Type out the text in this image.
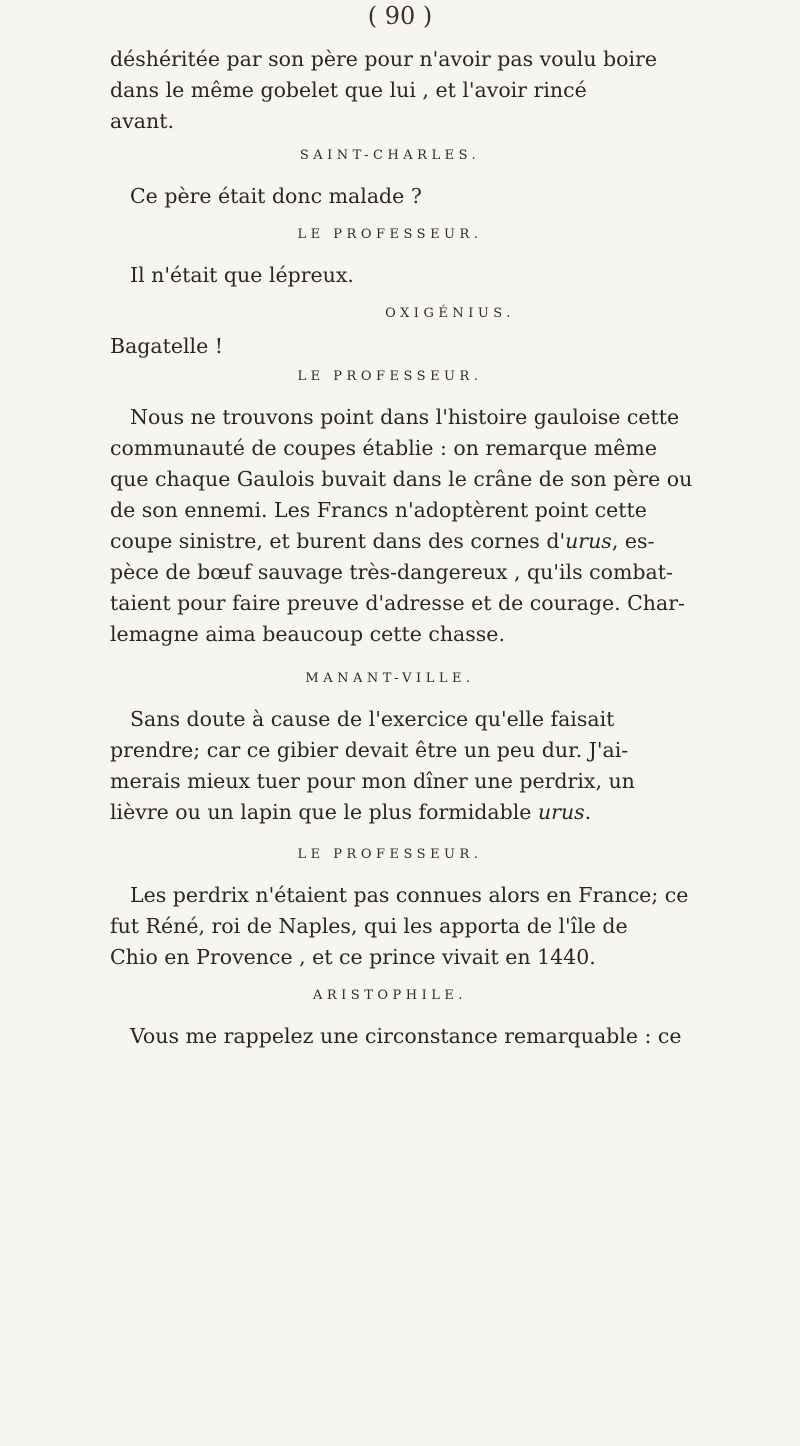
( 90 )
déshéritée par son père pour n'avoir pas voulu boire
dans le même gobelet que lui , et l'avoir rincé
avant.
SAINT-CHARLES.
Ce père était donc malade ?
LE PROFESSEUR.
Il n'était que lépreux.
OXIGÉNIUS.
Bagatelle !
LE PROFESSEUR.
Nous ne trouvons point dans l'histoire gauloise cette
communauté de coupes établie : on remarque même
que chaque Gaulois buvait dans le crâne de son père ou
de son ennemi. Les Francs n'adoptèrent point cette
coupe sinistre, et burent dans des cornes d'urus, es-
pèce de bœuf sauvage très-dangereux , qu'ils combat-
taient pour faire preuve d'adresse et de courage. Char-
lemagne aima beaucoup cette chasse.
MANANT-VILLE.
Sans doute à cause de l'exercice qu'elle faisait
prendre; car ce gibier devait être un peu dur. J'ai-
merais mieux tuer pour mon dîner une perdrix, un
lièvre ou un lapin que le plus formidable urus.
LE PROFESSEUR.
Les perdrix n'étaient pas connues alors en France; ce
fut Réné, roi de Naples, qui les apporta de l'île de
Chio en Provence , et ce prince vivait en 1440.
ARISTOPHILE.
Vous me rappelez une circonstance remarquable : ce
